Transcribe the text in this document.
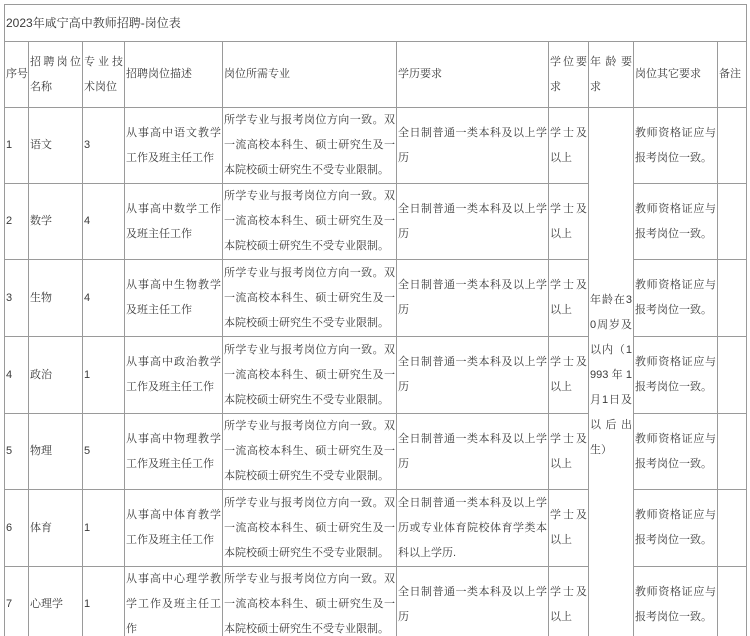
2023年咸宁高中教师招聘-岗位表									
序号	招聘岗位名称	专业技术岗位	招聘岗位描述	岗位所需专业	学历要求	学位要求	年龄要求	岗位其它要求	备注
1	语文	3	从事高中语文教学工作及班主任工作	所学专业与报考岗位方向一致。双一流高校本科生、硕士研究生及一本院校硕士研究生不受专业限制。	全日制普通一类本科及以上学历	学士及以上	年龄在30周岁及以内（1993年1月1日及以后出生）	教师资格证应与报考岗位一致。	
2	数学	4	从事高中数学工作及班主任工作	所学专业与报考岗位方向一致。双一流高校本科生、硕士研究生及一本院校硕士研究生不受专业限制。	全日制普通一类本科及以上学历	学士及以上		教师资格证应与报考岗位一致。	
3	生物	4	从事高中生物教学及班主任工作	所学专业与报考岗位方向一致。双一流高校本科生、硕士研究生及一本院校硕士研究生不受专业限制。	全日制普通一类本科及以上学历	学士及以上		教师资格证应与报考岗位一致。	
4	政治	1	从事高中政治教学工作及班主任工作	所学专业与报考岗位方向一致。双一流高校本科生、硕士研究生及一本院校硕士研究生不受专业限制。	全日制普通一类本科及以上学历	学士及以上		教师资格证应与报考岗位一致。	
5	物理	5	从事高中物理教学工作及班主任工作	所学专业与报考岗位方向一致。双一流高校本科生、硕士研究生及一本院校硕士研究生不受专业限制。	全日制普通一类本科及以上学历	学士及以上		教师资格证应与报考岗位一致。	
6	体育	1	从事高中体育教学工作及班主任工作	所学专业与报考岗位方向一致。双一流高校本科生、硕士研究生及一本院校硕士研究生不受专业限制。	全日制普通一类本科及以上学历或专业体育院校体育学类本科以上学历.	学士及以上		教师资格证应与报考岗位一致。	
7	心理学	1	从事高中心理学教学工作及班主任工作	所学专业与报考岗位方向一致。双一流高校本科生、硕士研究生及一本院校硕士研究生不受专业限制。	全日制普通一类本科及以上学历	学士及以上		教师资格证应与报考岗位一致。	
